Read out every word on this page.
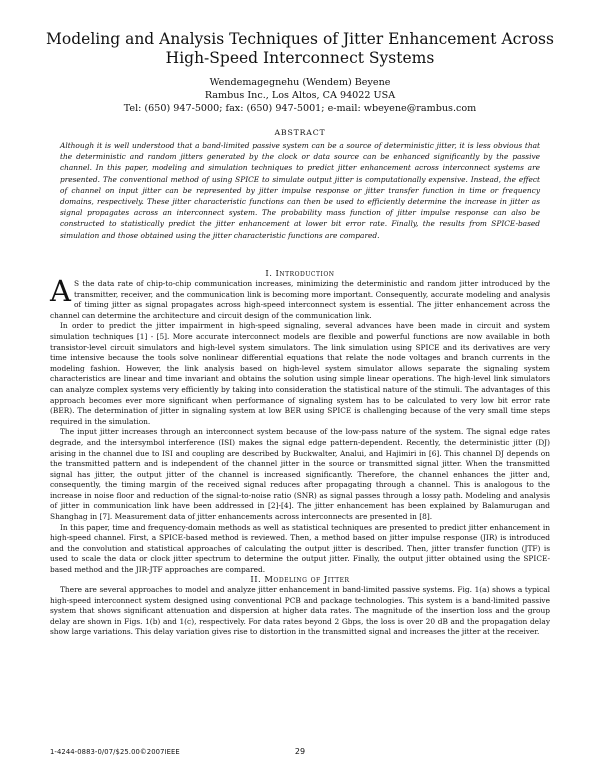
Modeling and Analysis Techniques of Jitter Enhancement Across
High-Speed Interconnect Systems
Wendemagegnehu (Wendem) Beyene
Rambus Inc., Los Altos, CA 94022 USA
Tel: (650) 947-5000; fax: (650) 947-5001; e-mail: wbeyene@rambus.com
ABSTRACT
Although it is well understood that a band-limited passive system can be a source of deterministic jitter, it is less obvious that the deterministic and random jitters generated by the clock or data source can be enhanced significantly by the passive channel. In this paper, modeling and simulation techniques to predict jitter enhancement across interconnect systems are presented. The conventional method of using SPICE to simulate output jitter is computationally expensive. Instead, the effect of channel on input jitter can be represented by jitter impulse response or jitter transfer function in time or frequency domains, respectively. These jitter characteristic functions can then be used to efficiently determine the increase in jitter as signal propagates across an interconnect system. The probability mass function of jitter impulse response can also be constructed to statistically predict the jitter enhancement at lower bit error rate. Finally, the results from SPICE-based simulation and those obtained using the jitter characteristic functions are compared.
I. Introduction

A S the data rate of chip-to-chip communication increases, minimizing the deterministic and random jitter introduced by the transmitter, receiver, and the communication link is becoming more important. Consequently, accurate modeling and analysis of timing jitter as signal propagates across high-speed interconnect system is essential. The jitter enhancement across the channel can determine the architecture and circuit design of the communication link.

In order to predict the jitter impairment in high-speed signaling, several advances have been made in circuit and system simulation techniques [1] - [5]. More accurate interconnect models are flexible and powerful functions are now available in both transistor-level circuit simulators and high-level system simulators. The link simulation using SPICE and its derivatives are very time intensive because the tools solve nonlinear differential equations that relate the node voltages and branch currents in the modeling fashion. However, the link analysis based on high-level system simulator allows separate the signaling system characteristics are linear and time invariant and obtains the solution using simple linear operations. The high-level link simulators can analyze complex systems very efficiently by taking into consideration the statistical nature of the stimuli. The advantages of this approach becomes ever more significant when performance of signaling system has to be calculated to very low bit error rate (BER). The determination of jitter in signaling system at low BER using SPICE is challenging because of the very small time steps required in the simulation.

The input jitter increases through an interconnect system because of the low-pass nature of the system. The signal edge rates degrade, and the intersymbol interference (ISI) makes the signal edge pattern-dependent. Recently, the deterministic jitter (DJ) arising in the channel due to ISI and coupling are described by Buckwalter, Analui, and Hajimiri in [6]. This channel DJ depends on the transmitted pattern and is independent of the channel jitter in the source or transmitted signal jitter. When the transmitted signal has jitter, the output jitter of the channel is increased significantly. Therefore, the channel enhances the jitter and, consequently, the timing margin of the received signal reduces after propagating through a channel. This is analogous to the increase in noise floor and reduction of the signal-to-noise ratio (SNR) as signal passes through a lossy path. Modeling and analysis of jitter in communication link have been addressed in [2]-[4]. The jitter enhancement has been explained by Balamurugan and Shanghag in [7]. Measurement data of jitter enhancements across interconnects are presented in [8].

In this paper, time and frequency-domain methods as well as statistical techniques are presented to predict jitter enhancement in high-speed channel. First, a SPICE-based method is reviewed. Then, a method based on jitter impulse response (JIR) is introduced and the convolution and statistical approaches of calculating the output jitter is described. Then, jitter transfer function (JTF) is used to scale the data or clock jitter spectrum to determine the output jitter. Finally, the output jitter obtained using the SPICE-based method and the JIR-JTF approaches are compared.

II. Modeling of Jitter

There are several approaches to model and analyze jitter enhancement in band-limited passive systems. Fig. 1(a) shows a typical high-speed interconnect system designed using conventional PCB and package technologies. This system is a band-limited passive system that shows significant attenuation and dispersion at higher data rates. The magnitude of the insertion loss and the group delay are shown in Figs. 1(b) and 1(c), respectively. For data rates beyond 2 Gbps, the loss is over 20 dB and the propagation delay show large variations. This delay variation gives rise to distortion in the transmitted signal and increases the jitter at the receiver.

1-4244-0883-0/07/$25.00©2007IEEE	29
